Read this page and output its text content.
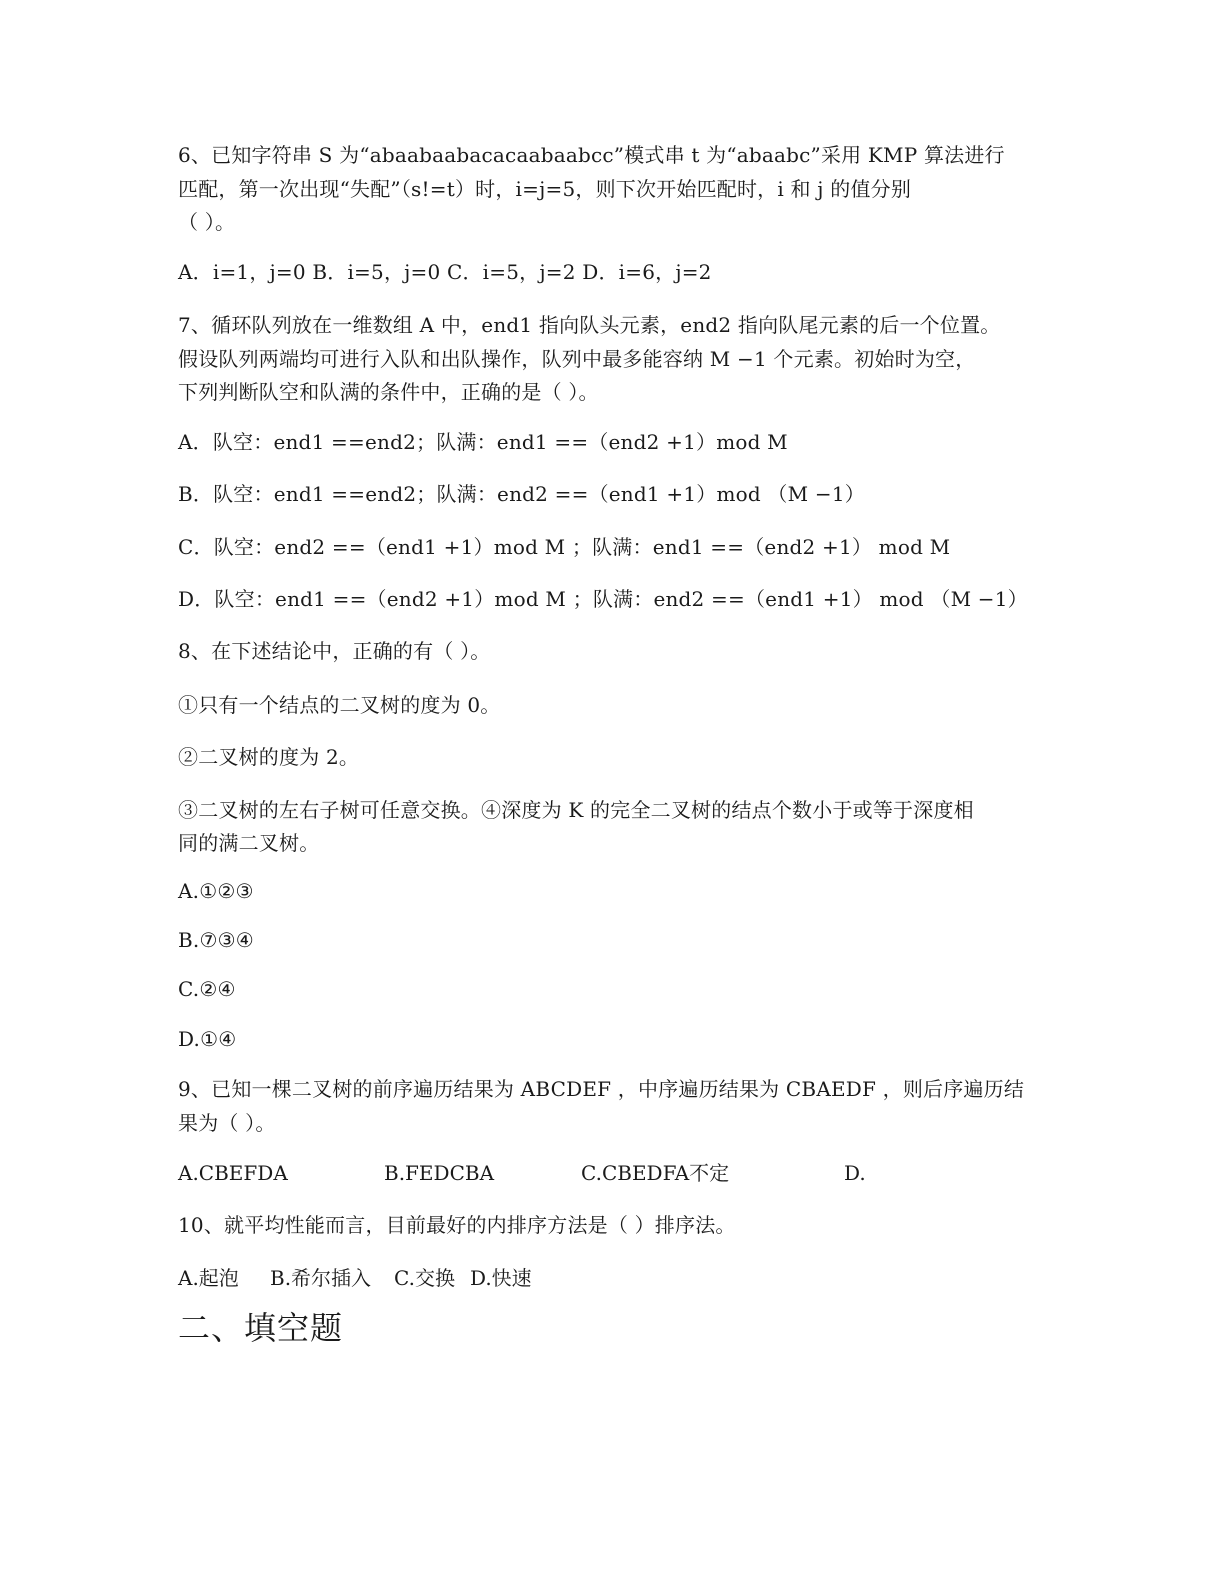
6、已知字符串 S 为“abaabaabacacaabaabcc”模式串 t 为“abaabc”采用 KMP 算法进行
匹配，第一次出现“失配”（s!=t）时，i=j=5，则下次开始匹配时，i 和 j 的值分别
（ ）。
A．i=1，j=0 B．i=5，j=0 C．i=5，j=2 D．i=6，j=2
7、循环队列放在一维数组 A 中，end1 指向队头元素，end2 指向队尾元素的后一个位置。
假设队列两端均可进行入队和出队操作，队列中最多能容纳 M −1 个元素。初始时为空，
下列判断队空和队满的条件中，正确的是（ ）。
A．队空：end1 ==end2；队满：end1 ==（end2 +1）mod M
B．队空：end1 ==end2；队满：end2 ==（end1 +1）mod （M −1）
C．队空：end2 ==（end1 +1）mod M ；队满：end1 ==（end2 +1） mod M
D．队空：end1 ==（end2 +1）mod M ；队满：end2 ==（end1 +1） mod （M −1）
8、在下述结论中，正确的有（ ）。
①只有一个结点的二叉树的度为 0。
②二叉树的度为 2。
③二叉树的左右子树可任意交换。④深度为 K 的完全二叉树的结点个数小于或等于深度相
同的满二叉树。
A.①②③
B.⑦③④
C.②④
D.①④
9、已知一棵二叉树的前序遍历结果为 ABCDEF ，中序遍历结果为 CBAEDF ，则后序遍历结
果为（ ）。
A.CBEFDA	B.FEDCBA	C.CBEDFA不定	D.
10、就平均性能而言，目前最好的内排序方法是（ ）排序法。
A.起泡 B.希尔插入 C.交换 D.快速
二、填空题
